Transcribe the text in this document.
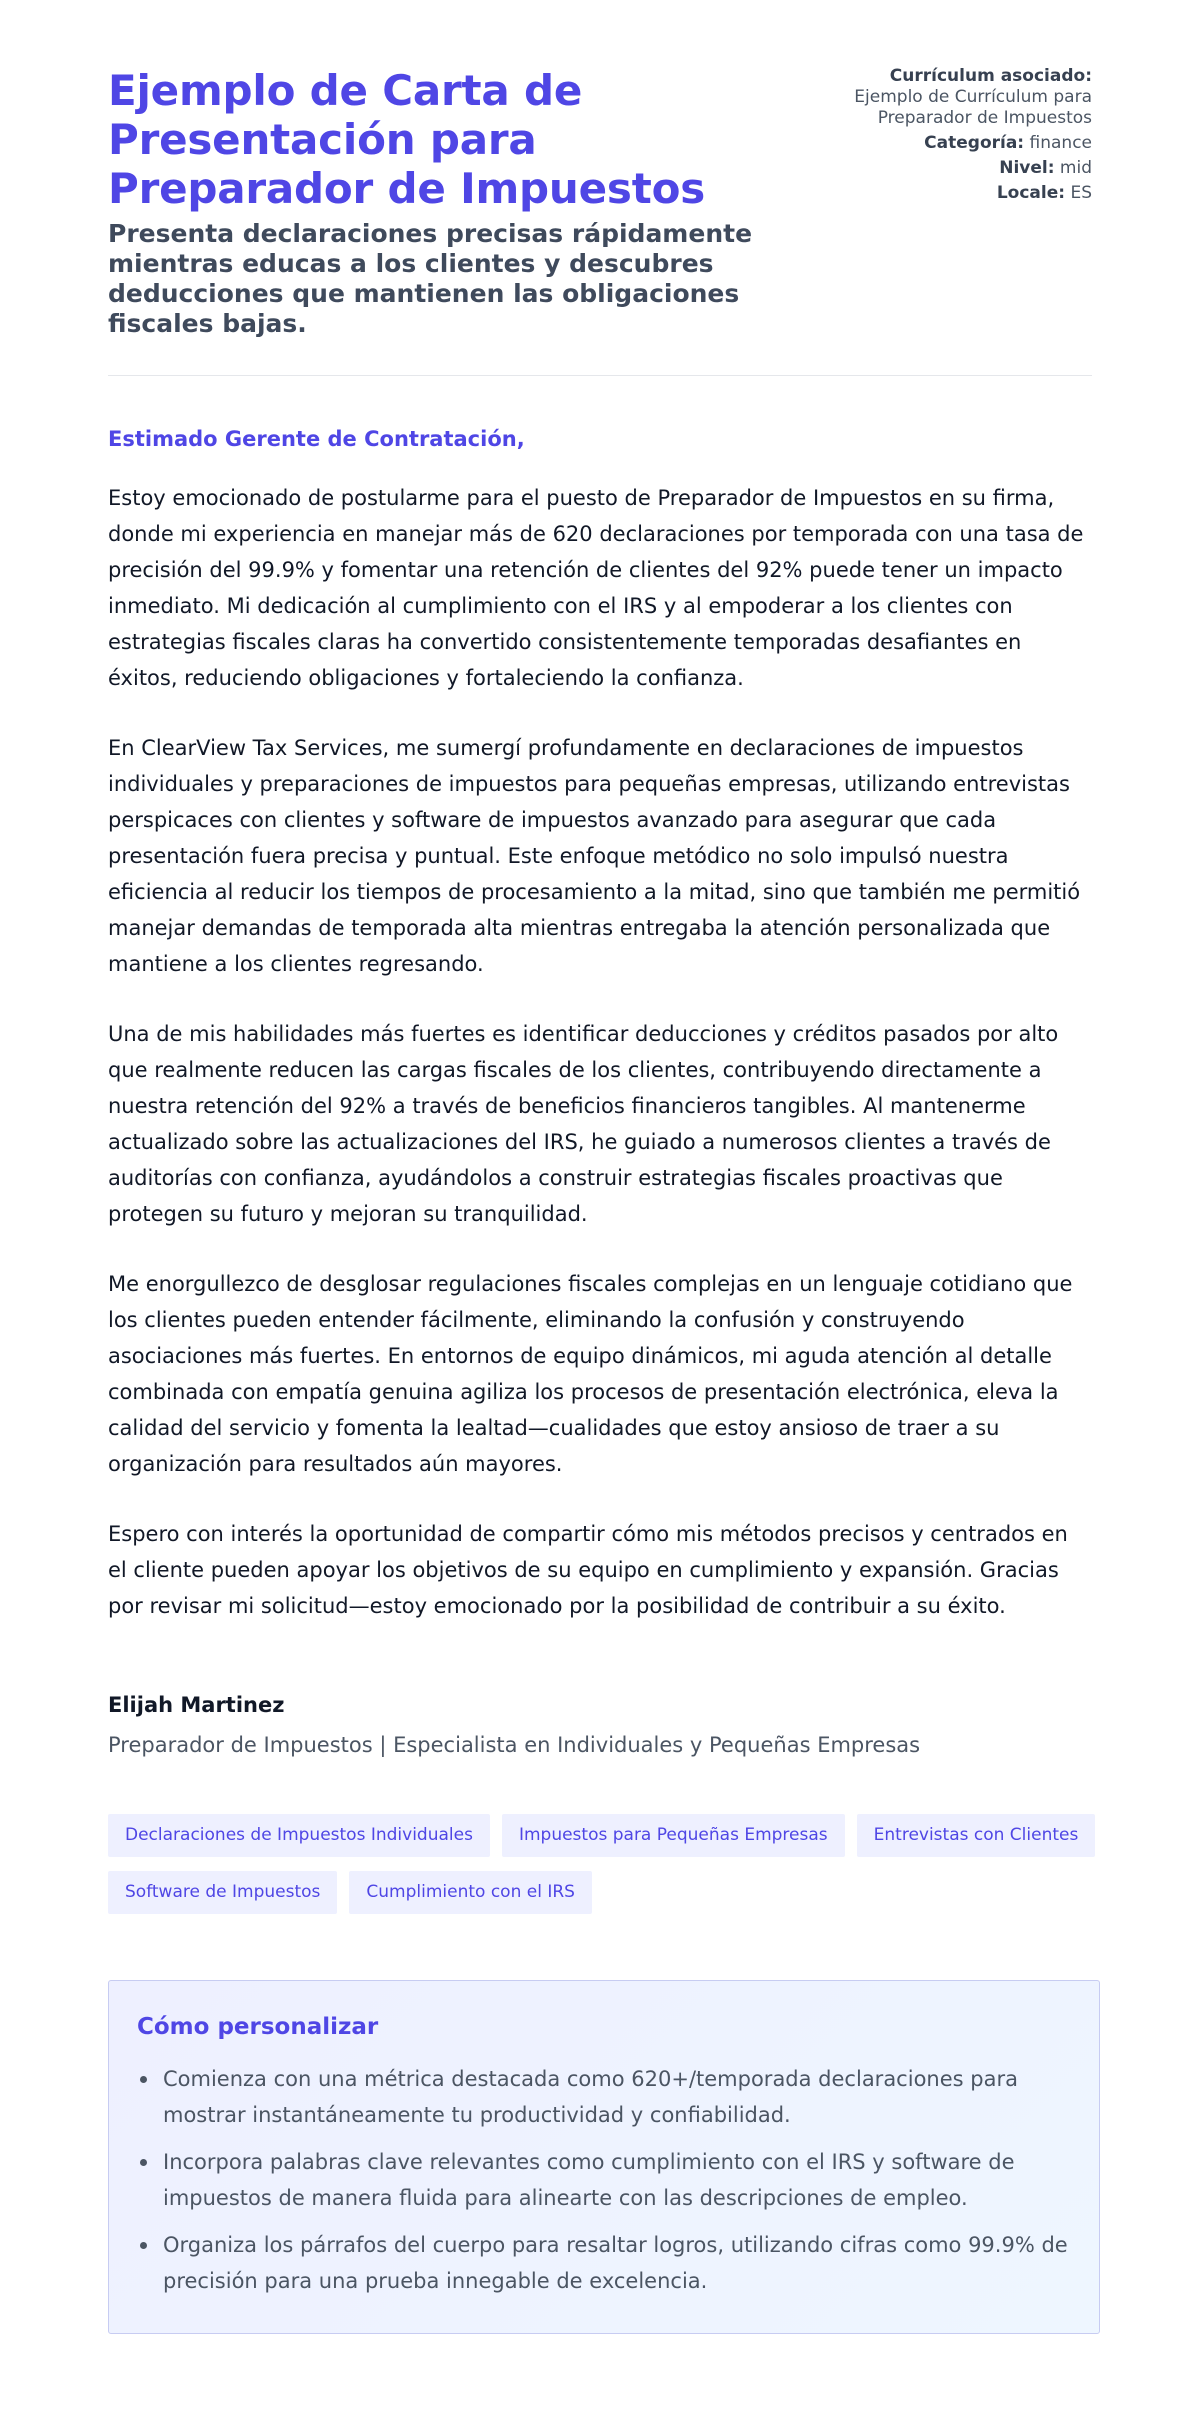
Ejemplo de Carta de Presentación para Preparador de Impuestos
Presenta declaraciones precisas rápidamente mientras educas a los clientes y descubres deducciones que mantienen las obligaciones fiscales bajas.
Currículum asociado: Ejemplo de Currículum para Preparador de Impuestos
Categoría: finance
Nivel: mid
Locale: ES
Estimado Gerente de Contratación,

Estoy emocionado de postularme para el puesto de Preparador de Impuestos en su firma, donde mi experiencia en manejar más de 620 declaraciones por temporada con una tasa de precisión del 99.9% y fomentar una retención de clientes del 92% puede tener un impacto inmediato. Mi dedicación al cumplimiento con el IRS y al empoderar a los clientes con estrategias fiscales claras ha convertido consistentemente temporadas desafiantes en éxitos, reduciendo obligaciones y fortaleciendo la confianza.

En ClearView Tax Services, me sumergí profundamente en declaraciones de impuestos individuales y preparaciones de impuestos para pequeñas empresas, utilizando entrevistas perspicaces con clientes y software de impuestos avanzado para asegurar que cada presentación fuera precisa y puntual. Este enfoque metódico no solo impulsó nuestra eficiencia al reducir los tiempos de procesamiento a la mitad, sino que también me permitió manejar demandas de temporada alta mientras entregaba la atención personalizada que mantiene a los clientes regresando.

Una de mis habilidades más fuertes es identificar deducciones y créditos pasados por alto que realmente reducen las cargas fiscales de los clientes, contribuyendo directamente a nuestra retención del 92% a través de beneficios financieros tangibles. Al mantenerme actualizado sobre las actualizaciones del IRS, he guiado a numerosos clientes a través de auditorías con confianza, ayudándolos a construir estrategias fiscales proactivas que protegen su futuro y mejoran su tranquilidad.

Me enorgullezco de desglosar regulaciones fiscales complejas en un lenguaje cotidiano que los clientes pueden entender fácilmente, eliminando la confusión y construyendo asociaciones más fuertes. En entornos de equipo dinámicos, mi aguda atención al detalle combinada con empatía genuina agiliza los procesos de presentación electrónica, eleva la calidad del servicio y fomenta la lealtad—cualidades que estoy ansioso de traer a su organización para resultados aún mayores.

Espero con interés la oportunidad de compartir cómo mis métodos precisos y centrados en el cliente pueden apoyar los objetivos de su equipo en cumplimiento y expansión. Gracias por revisar mi solicitud—estoy emocionado por la posibilidad de contribuir a su éxito.

Elijah Martinez
Preparador de Impuestos | Especialista en Individuales y Pequeñas Empresas
Declaraciones de Impuestos Individuales	Impuestos para Pequeñas Empresas	Entrevistas con Clientes
Software de Impuestos	Cumplimiento con el IRS
Cómo personalizar
Comienza con una métrica destacada como 620+/temporada declaraciones para mostrar instantáneamente tu productividad y confiabilidad.
Incorpora palabras clave relevantes como cumplimiento con el IRS y software de impuestos de manera fluida para alinearte con las descripciones de empleo.
Organiza los párrafos del cuerpo para resaltar logros, utilizando cifras como 99.9% de precisión para una prueba innegable de excelencia.
